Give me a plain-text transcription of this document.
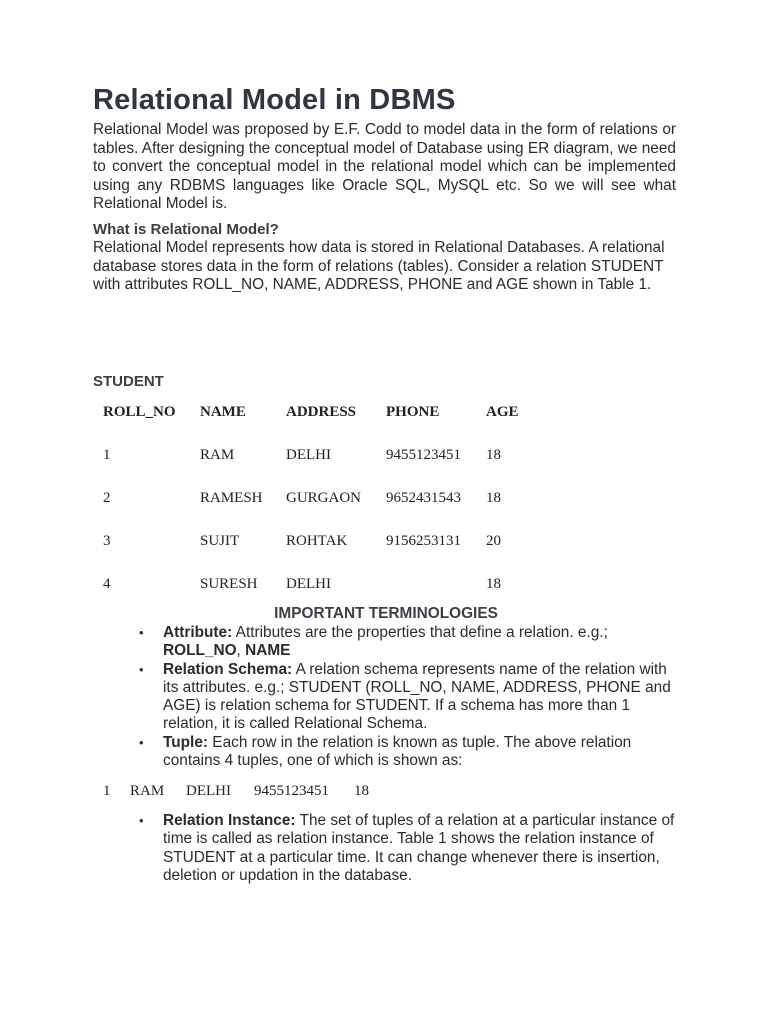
Relational Model in DBMS

Relational Model was proposed by E.F. Codd to model data in the form of relations or tables. After designing the conceptual model of Database using ER diagram, we need to convert the conceptual model in the relational model which can be implemented using any RDBMS languages like Oracle SQL, MySQL etc. So we will see what Relational Model is.

What is Relational Model?

Relational Model represents how data is stored in Relational Databases. A relational database stores data in the form of relations (tables). Consider a relation STUDENT with attributes ROLL_NO, NAME, ADDRESS, PHONE and AGE shown in Table 1.

STUDENT

ROLL_NO	NAME	ADDRESS	PHONE	AGE
1	RAM	DELHI	9455123451	18
2	RAMESH	GURGAON	9652431543	18
3	SUJIT	ROHTAK	9156253131	20
4	SURESH	DELHI		18

IMPORTANT TERMINOLOGIES

• Attribute: Attributes are the properties that define a relation. e.g.; ROLL_NO, NAME
• Relation Schema: A relation schema represents name of the relation with its attributes. e.g.; STUDENT (ROLL_NO, NAME, ADDRESS, PHONE and AGE) is relation schema for STUDENT. If a schema has more than 1 relation, it is called Relational Schema.
• Tuple: Each row in the relation is known as tuple. The above relation contains 4 tuples, one of which is shown as:

1 RAM DELHI 9455123451 18

• Relation Instance: The set of tuples of a relation at a particular instance of time is called as relation instance. Table 1 shows the relation instance of STUDENT at a particular time. It can change whenever there is insertion, deletion or updation in the database.
